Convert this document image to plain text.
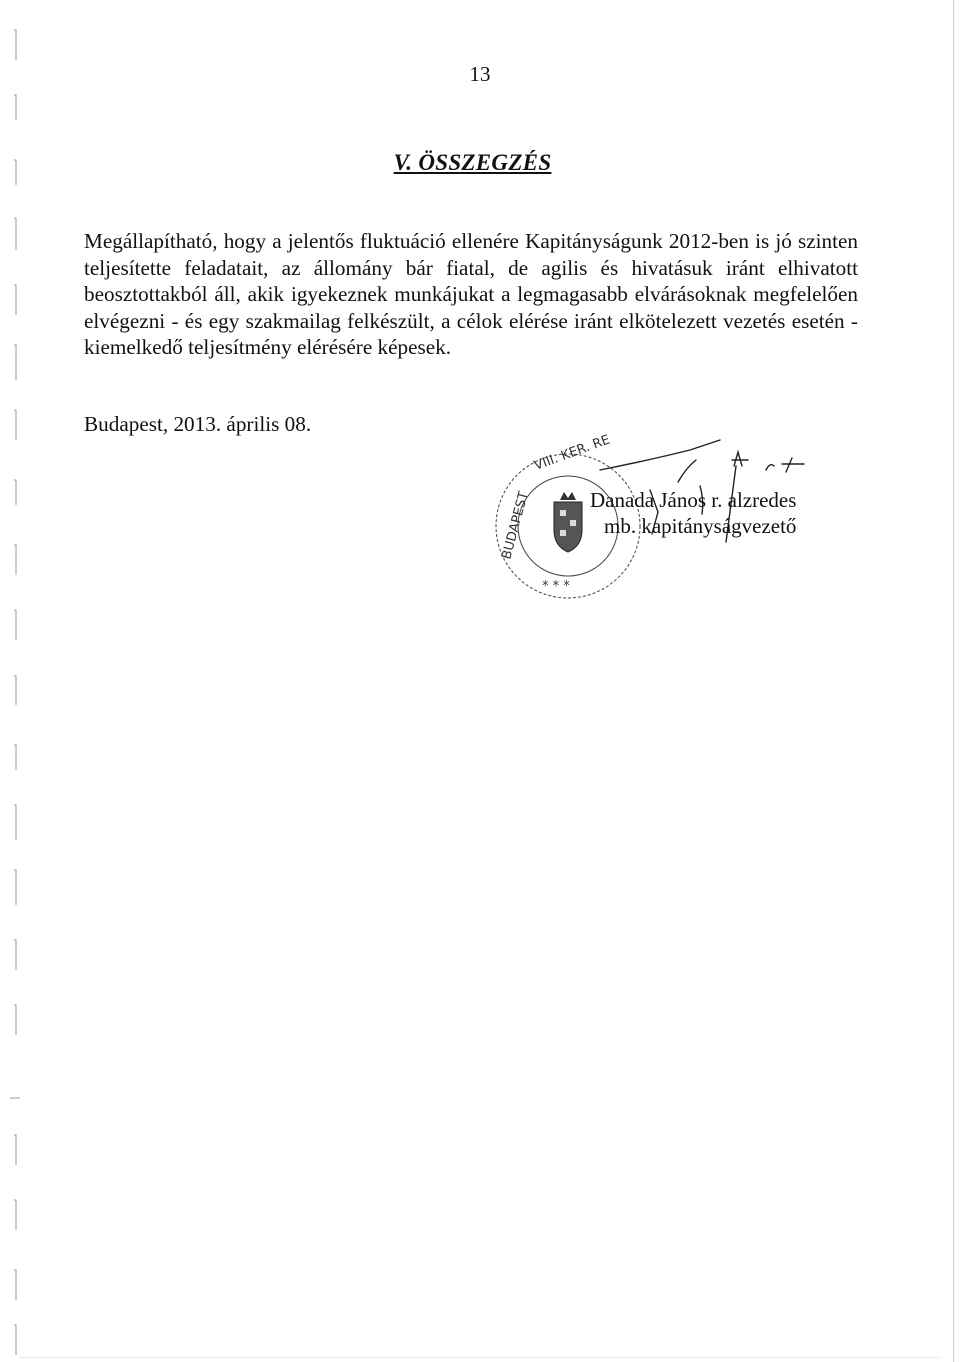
13
V. ÖSSZEGZÉS

Megállapítható, hogy a jelentős fluktuáció ellenére Kapitányságunk 2012-ben is jó szinten teljesítette feladatait, az állomány bár fiatal, de agilis és hivatásuk iránt elhivatott beosztottakból áll, akik igyekeznek munkájukat a legmagasabb elvárásoknak megfelelően elvégezni - és egy szakmailag felkészült, a célok elérése iránt elkötelezett vezetés esetén - kiemelkedő teljesítmény elérésére képesek.

Budapest, 2013. április 08.
VIII. KER. RE
BUDAPEST
* * *
Danada János r. alzredes
mb. kapitányságvezető
